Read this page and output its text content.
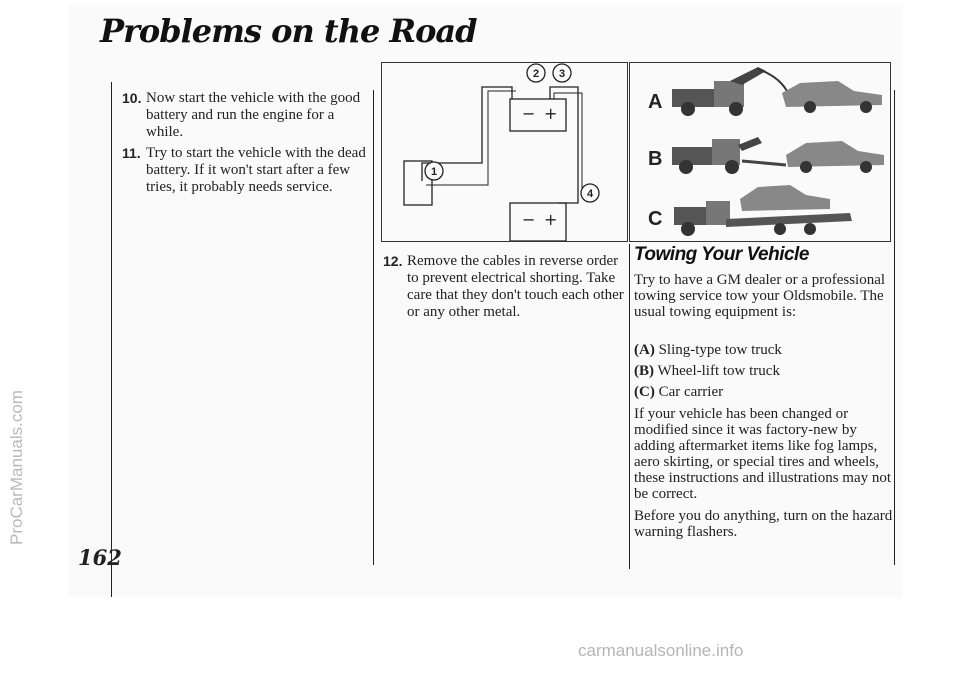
Problems on the Road
162
ProCarManuals.com
carmanualsonline.info
10. Now start the vehicle with the good battery and run the engine for a while.

11. Try to start the vehicle with the dead battery. If it won't start after a few tries, it probably needs service.

− +
− +
1
2 3
4
12. Remove the cables in reverse order to prevent electrical shorting. Take care that they don't touch each other or any other metal.

A
B
C
Towing Your Vehicle

Try to have a GM dealer or a professional towing service tow your Oldsmobile. The usual towing equipment is:

(A) Sling-type tow truck
(B) Wheel-lift tow truck
(C) Car carrier

If your vehicle has been changed or modified since it was factory-new by adding aftermarket items like fog lamps, aero skirting, or special tires and wheels, these instructions and illustrations may not be correct.

Before you do anything, turn on the hazard warning flashers.
